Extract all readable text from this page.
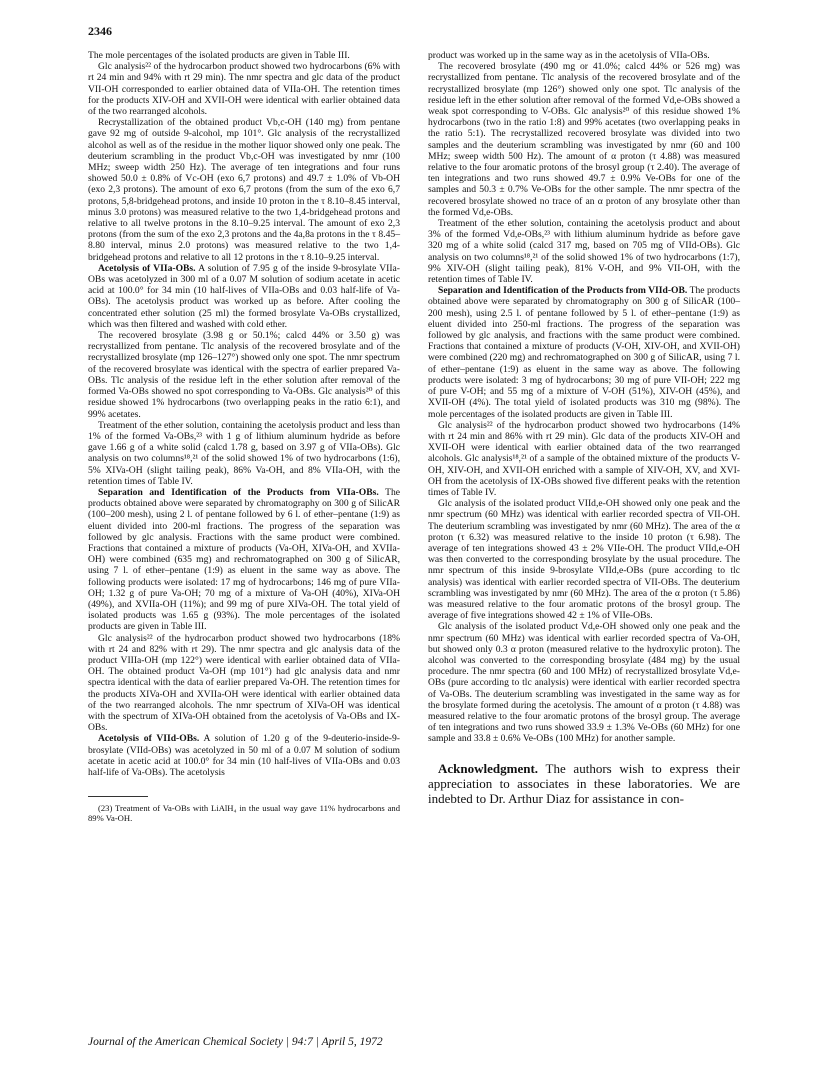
2346

The mole percentages of the isolated products are given in Table III.

Glc analysis²² of the hydrocarbon product showed two hydrocarbons (6% with rt 24 min and 94% with rt 29 min). The nmr spectra and glc data of the product VII-OH corresponded to earlier obtained data of VIIa-OH. The retention times for the products XIV-OH and XVII-OH were identical with earlier obtained data of the two rearranged alcohols.

Recrystallization of the obtained product Vb,c-OH (140 mg) from pentane gave 92 mg of outside 9-alcohol, mp 101°. Glc analysis of the recrystallized alcohol as well as of the residue in the mother liquor showed only one peak. The deuterium scrambling in the product Vb,c-OH was investigated by nmr (100 MHz; sweep width 250 Hz). The average of ten integrations and four runs showed 50.0 ± 0.8% of Vc-OH (exo 6,7 protons) and 49.7 ± 1.0% of Vb-OH (exo 2,3 protons). The amount of exo 6,7 protons (from the sum of the exo 6,7 protons, 5,8-bridgehead protons, and inside 10 proton in the τ 8.10–8.45 interval, minus 3.0 protons) was measured relative to the two 1,4-bridgehead protons and relative to all twelve protons in the 8.10–9.25 interval. The amount of exo 2,3 protons (from the sum of the exo 2,3 protons and the 4a,8a protons in the τ 8.45–8.80 interval, minus 2.0 protons) was measured relative to the two 1,4-bridgehead protons and relative to all 12 protons in the τ 8.10–9.25 interval.

Acetolysis of VIIa-OBs. A solution of 7.95 g of the inside 9-brosylate VIIa-OBs was acetolyzed in 300 ml of a 0.07 M solution of sodium acetate in acetic acid at 100.0° for 34 min (10 half-lives of VIIa-OBs and 0.03 half-life of Va-OBs). The acetolysis product was worked up as before. After cooling the concentrated ether solution (25 ml) the formed brosylate Va-OBs crystallized, which was then filtered and washed with cold ether.

The recovered brosylate (3.98 g or 50.1%; calcd 44% or 3.50 g) was recrystallized from pentane. Tlc analysis of the recovered brosylate and of the recrystallized brosylate (mp 126–127°) showed only one spot. The nmr spectrum of the recovered brosylate was identical with the spectra of earlier prepared Va-OBs. Tlc analysis of the residue left in the ether solution after removal of the formed Va-OBs showed no spot corresponding to Va-OBs. Glc analysis²⁰ of this residue showed 1% hydrocarbons (two overlapping peaks in the ratio 6:1), and 99% acetates.

Treatment of the ether solution, containing the acetolysis product and less than 1% of the formed Va-OBs,²³ with 1 g of lithium aluminum hydride as before gave 1.66 g of a white solid (calcd 1.78 g, based on 3.97 g of VIIa-OBs). Glc analysis on two columns¹⁸,²¹ of the solid showed 1% of two hydrocarbons (1:6), 5% XIVa-OH (slight tailing peak), 86% Va-OH, and 8% VIIa-OH, with the retention times of Table IV.

Separation and Identification of the Products from VIIa-OBs. The products obtained above were separated by chromatography on 300 g of SilicAR (100–200 mesh), using 2 l. of pentane followed by 6 l. of ether–pentane (1:9) as eluent divided into 200-ml fractions. The progress of the separation was followed by glc analysis. Fractions with the same product were combined. Fractions that contained a mixture of products (Va-OH, XIVa-OH, and XVIIa-OH) were combined (635 mg) and rechromatographed on 300 g of SilicAR, using 7 l. of ether–pentane (1:9) as eluent in the same way as above. The following products were isolated: 17 mg of hydrocarbons; 146 mg of pure VIIa-OH; 1.32 g of pure Va-OH; 70 mg of a mixture of Va-OH (40%), XIVa-OH (49%), and XVIIa-OH (11%); and 99 mg of pure XIVa-OH. The total yield of isolated products was 1.65 g (93%). The mole percentages of the isolated products are given in Table III.

Glc analysis²² of the hydrocarbon product showed two hydrocarbons (18% with rt 24 and 82% with rt 29). The nmr spectra and glc analysis data of the product VIIIa-OH (mp 122°) were identical with earlier obtained data of VIIa-OH. The obtained product Va-OH (mp 101°) had glc analysis data and nmr spectra identical with the data of earlier prepared Va-OH. The retention times for the products XIVa-OH and XVIIa-OH were identical with earlier obtained data of the two rearranged alcohols. The nmr spectrum of XIVa-OH was identical with the spectrum of XIVa-OH obtained from the acetolysis of Va-OBs and IX-OBs.

Acetolysis of VIId-OBs. A solution of 1.20 g of the 9-deuterio-inside-9-brosylate (VIId-OBs) was acetolyzed in 50 ml of a 0.07 M solution of sodium acetate in acetic acid at 100.0° for 34 min (10 half-lives of VIIa-OBs and 0.03 half-life of Va-OBs). The acetolysis

(23) Treatment of Va-OBs with LiAlH₄ in the usual way gave 11% hydrocarbons and 89% Va-OH.

product was worked up in the same way as in the acetolysis of VIIa-OBs.

The recovered brosylate (490 mg or 41.0%; calcd 44% or 526 mg) was recrystallized from pentane. Tlc analysis of the recovered brosylate and of the recrystallized brosylate (mp 126°) showed only one spot. Tlc analysis of the residue left in the ether solution after removal of the formed Vd,e-OBs showed a weak spot corresponding to V-OBs. Glc analysis²⁰ of this residue showed 1% hydrocarbons (two in the ratio 1:8) and 99% acetates (two overlapping peaks in the ratio 5:1). The recrystallized recovered brosylate was divided into two samples and the deuterium scrambling was investigated by nmr (60 and 100 MHz; sweep width 500 Hz). The amount of α proton (τ 4.88) was measured relative to the four aromatic protons of the brosyl group (τ 2.40). The average of ten integrations and two runs showed 49.7 ± 0.9% Ve-OBs for one of the samples and 50.3 ± 0.7% Ve-OBs for the other sample. The nmr spectra of the recovered brosylate showed no trace of an α proton of any brosylate other than the formed Vd,e-OBs.

Treatment of the ether solution, containing the acetolysis product and about 3% of the formed Vd,e-OBs,²³ with lithium aluminum hydride as before gave 320 mg of a white solid (calcd 317 mg, based on 705 mg of VIId-OBs). Glc analysis on two columns¹⁸,²¹ of the solid showed 1% of two hydrocarbons (1:7), 9% XIV-OH (slight tailing peak), 81% V-OH, and 9% VII-OH, with the retention times of Table IV.

Separation and Identification of the Products from VIId-OB. The products obtained above were separated by chromatography on 300 g of SilicAR (100–200 mesh), using 2.5 l. of pentane followed by 5 l. of ether–pentane (1:9) as eluent divided into 250-ml fractions. The progress of the separation was followed by glc analysis, and fractions with the same product were combined. Fractions that contained a mixture of products (V-OH, XIV-OH, and XVII-OH) were combined (220 mg) and rechromatographed on 300 g of SilicAR, using 7 l. of ether–pentane (1:9) as eluent in the same way as above. The following products were isolated: 3 mg of hydrocarbons; 30 mg of pure VII-OH; 222 mg of pure V-OH; and 55 mg of a mixture of V-OH (51%), XIV-OH (45%), and XVII-OH (4%). The total yield of isolated products was 310 mg (98%). The mole percentages of the isolated products are given in Table III.

Glc analysis²² of the hydrocarbon product showed two hydrocarbons (14% with rt 24 min and 86% with rt 29 min). Glc data of the products XIV-OH and XVII-OH were identical with earlier obtained data of the two rearranged alcohols. Glc analysis¹⁸,²¹ of a sample of the obtained mixture of the products V-OH, XIV-OH, and XVII-OH enriched with a sample of XIV-OH, XV, and XVI-OH from the acetolysis of IX-OBs showed five different peaks with the retention times of Table IV.

Glc analysis of the isolated product VIId,e-OH showed only one peak and the nmr spectrum (60 MHz) was identical with earlier recorded spectra of VII-OH. The deuterium scrambling was investigated by nmr (60 MHz). The area of the α proton (τ 6.32) was measured relative to the inside 10 proton (τ 6.98). The average of ten integrations showed 43 ± 2% VIIe-OH. The product VIId,e-OH was then converted to the corresponding brosylate by the usual procedure. The nmr spectrum of this inside 9-brosylate VIId,e-OBs (pure according to tlc analysis) was identical with earlier recorded spectra of VII-OBs. The deuterium scrambling was investigated by nmr (60 MHz). The area of the α proton (τ 5.86) was measured relative to the four aromatic protons of the brosyl group. The average of five integrations showed 42 ± 1% of VIIe-OBs.

Glc analysis of the isolated product Vd,e-OH showed only one peak and the nmr spectrum (60 MHz) was identical with earlier recorded spectra of Va-OH, but showed only 0.3 α proton (measured relative to the hydroxylic proton). The alcohol was converted to the corresponding brosylate (484 mg) by the usual procedure. The nmr spectra (60 and 100 MHz) of recrystallized brosylate Vd,e-OBs (pure according to tlc analysis) were identical with earlier recorded spectra of Va-OBs. The deuterium scrambling was investigated in the same way as for the brosylate formed during the acetolysis. The amount of α proton (τ 4.88) was measured relative to the four aromatic protons of the brosyl group. The average of ten integrations and two runs showed 33.9 ± 1.3% Ve-OBs (60 MHz) for one sample and 33.8 ± 0.6% Ve-OBs (100 MHz) for another sample.

Acknowledgment. The authors wish to express their appreciation to associates in these laboratories. We are indebted to Dr. Arthur Diaz for assistance in con-
Journal of the American Chemical Society | 94:7 | April 5, 1972
